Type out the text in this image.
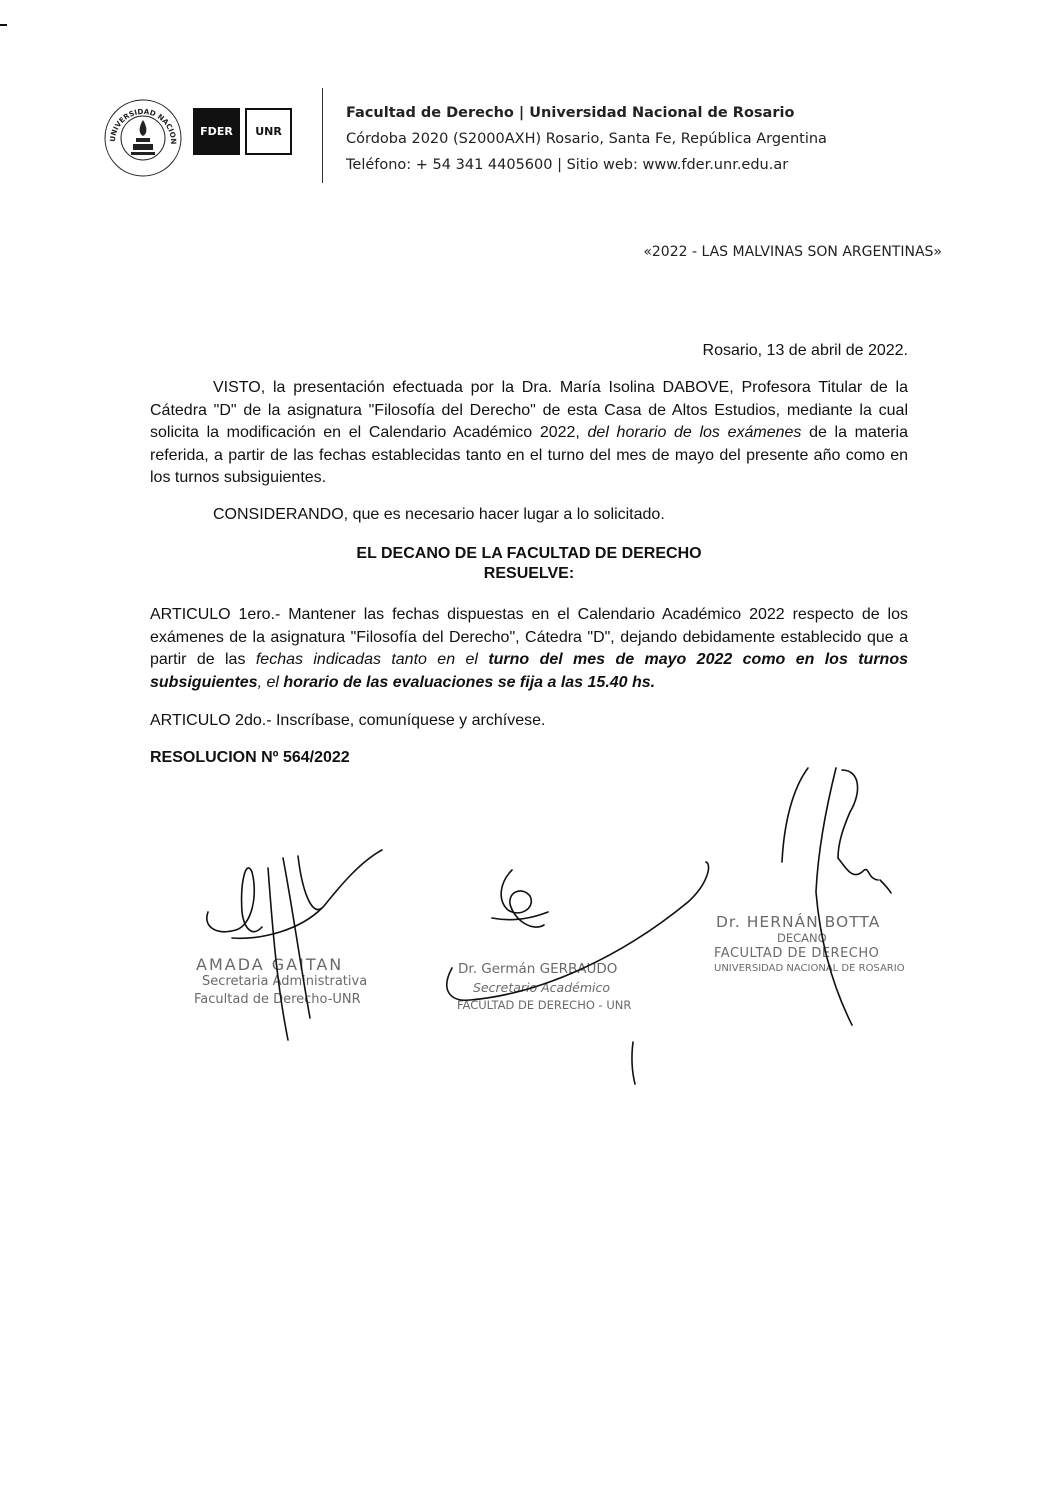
UNIVERSIDAD NACION
FDER	UNR
Facultad de Derecho | Universidad Nacional de Rosario
Córdoba 2020 (S2000AXH) Rosario, Santa Fe, República Argentina
Teléfono: + 54 341 4405600 | Sitio web: www.fder.unr.edu.ar
«2022 - LAS MALVINAS SON ARGENTINAS»
Rosario, 13 de abril de 2022.
VISTO, la presentación efectuada por la Dra. María Isolina DABOVE, Profesora Titular de la Cátedra "D" de la asignatura "Filosofía del Derecho" de esta Casa de Altos Estudios, mediante la cual solicita la modificación en el Calendario Académico 2022, del horario de los exámenes de la materia referida, a partir de las fechas establecidas tanto en el turno del mes de mayo del presente año como en los turnos subsiguientes.
CONSIDERANDO, que es necesario hacer lugar a lo solicitado.
EL DECANO DE LA FACULTAD DE DERECHO
RESUELVE:
ARTICULO 1ero.- Mantener las fechas dispuestas en el Calendario Académico 2022 respecto de los exámenes de la asignatura "Filosofía del Derecho", Cátedra "D", dejando debidamente establecido que a partir de las fechas indicadas tanto en el turno del mes de mayo 2022 como en los turnos subsiguientes, el horario de las evaluaciones se fija a las 15.40 hs.
ARTICULO 2do.- Inscríbase, comuníquese y archívese.
RESOLUCION Nº 564/2022
AMADA GAITAN
Secretaria Administrativa
Facultad de Derecho-UNR
Dr. Germán GERBAUDO
Secretario Académico
FACULTAD DE DERECHO - UNR
Dr. HERNÁN BOTTA
DECANO
FACULTAD DE DERECHO
UNIVERSIDAD NACIONAL DE ROSARIO
